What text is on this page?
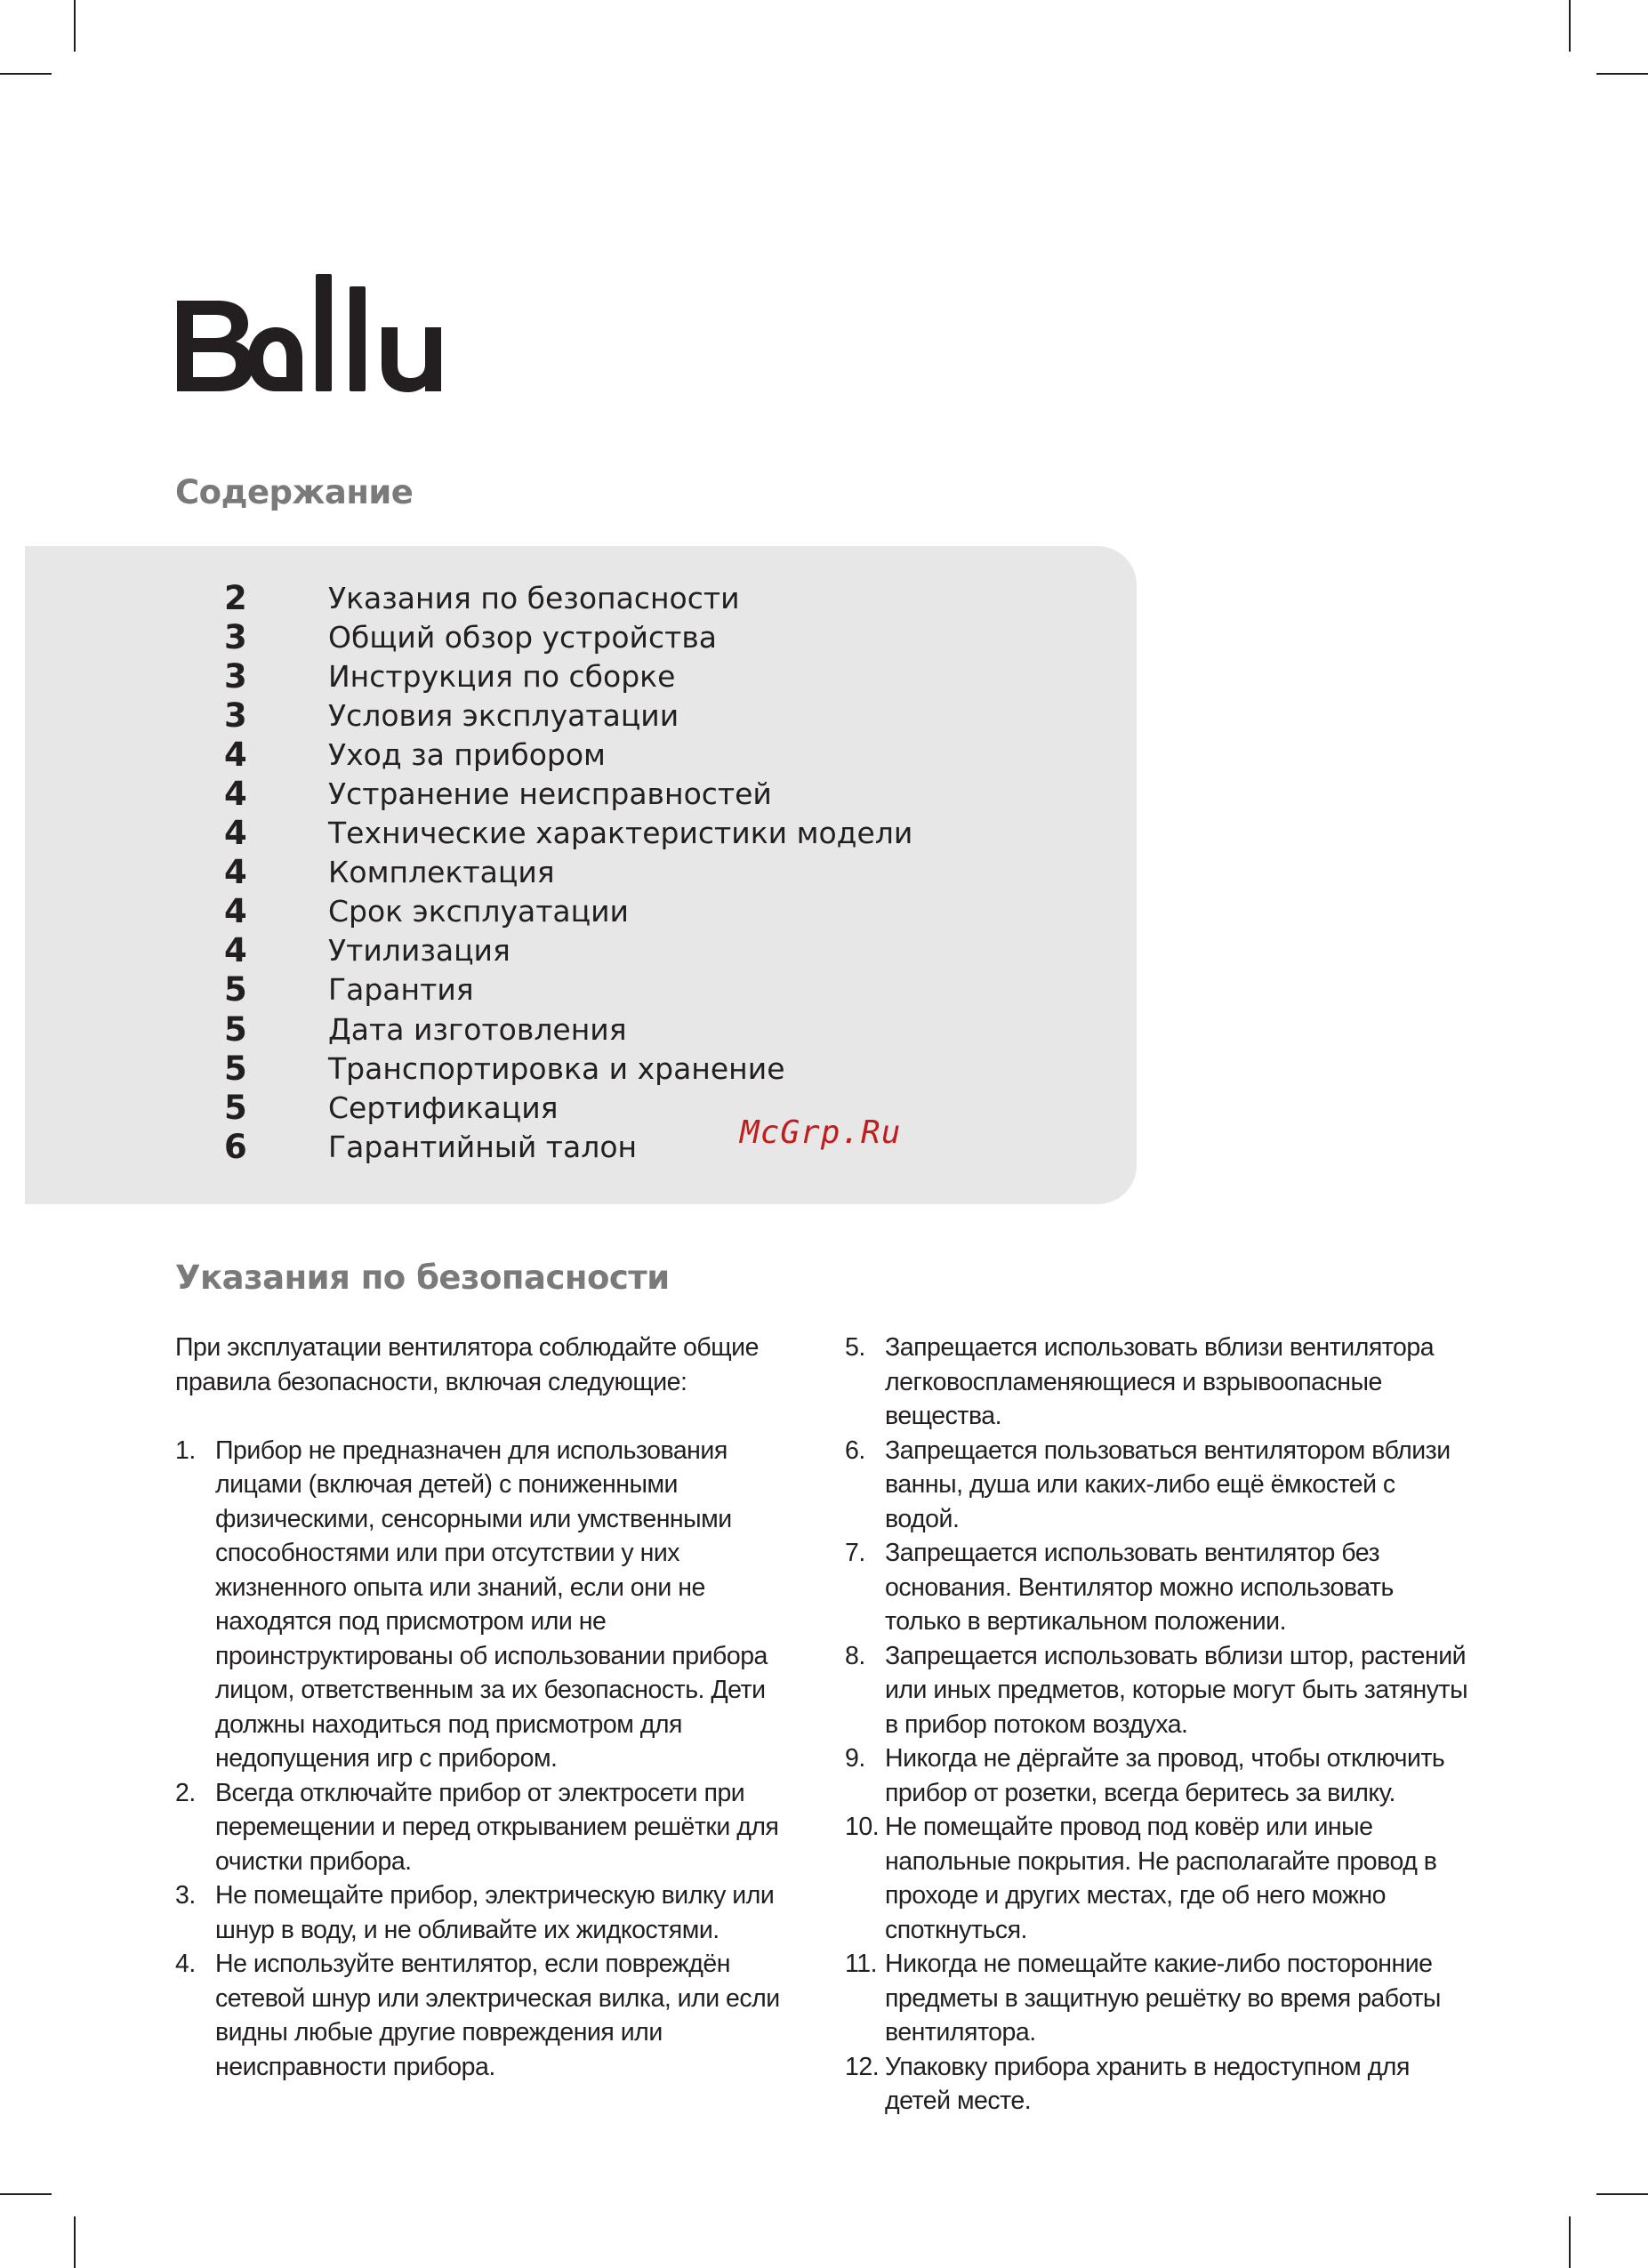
Содержание
2	Указания по безопасности
3	Общий обзор устройства
3	Инструкция по сборке
3	Условия эксплуатации
4	Уход за прибором
4	Устранение неисправностей
4	Технические характеристики модели
4	Комплектация
4	Срок эксплуатации
4	Утилизация
5	Гарантия
5	Дата изготовления
5	Транспортировка и хранение
5	Сертификация
6	Гарантийный талон	McGrp.Ru
Указания по безопасности

При эксплуатации вентилятора соблюдайте общие правила безопасности, включая следующие:

1. Прибор не предназначен для использования лицами (включая детей) с пониженными физическими, сенсорными или умственными способностями или при отсутствии у них жизненного опыта или знаний, если они не находятся под присмотром или не проинструктированы об использовании прибора лицом, ответственным за их безопасность. Дети должны находиться под присмотром для недопущения игр с прибором.
2. Всегда отключайте прибор от электросети при перемещении и перед открыванием решётки для очистки прибора.
3. Не помещайте прибор, электрическую вилку или шнур в воду, и не обливайте их жидкостями.
4. Не используйте вентилятор, если повреждён сетевой шнур или электрическая вилка, или если видны любые другие повреждения или неисправности прибора.
5. Запрещается использовать вблизи вентилятора легковоспламеняющиеся и взрывоопасные вещества.
6. Запрещается пользоваться вентилятором вблизи ванны, душа или каких-либо ещё ёмкостей с водой.
7. Запрещается использовать вентилятор без основания. Вентилятор можно использовать только в вертикальном положении.
8. Запрещается использовать вблизи штор, растений или иных предметов, которые могут быть затянуты в прибор потоком воздуха.
9. Никогда не дёргайте за провод, чтобы отключить прибор от розетки, всегда беритесь за вилку.
10. Не помещайте провод под ковёр или иные напольные покрытия. Не располагайте провод в проходе и других местах, где об него можно споткнуться.
11. Никогда не помещайте какие-либо посторонние предметы в защитную решётку во время работы вентилятора.
12. Упаковку прибора хранить в недоступном для детей месте.
